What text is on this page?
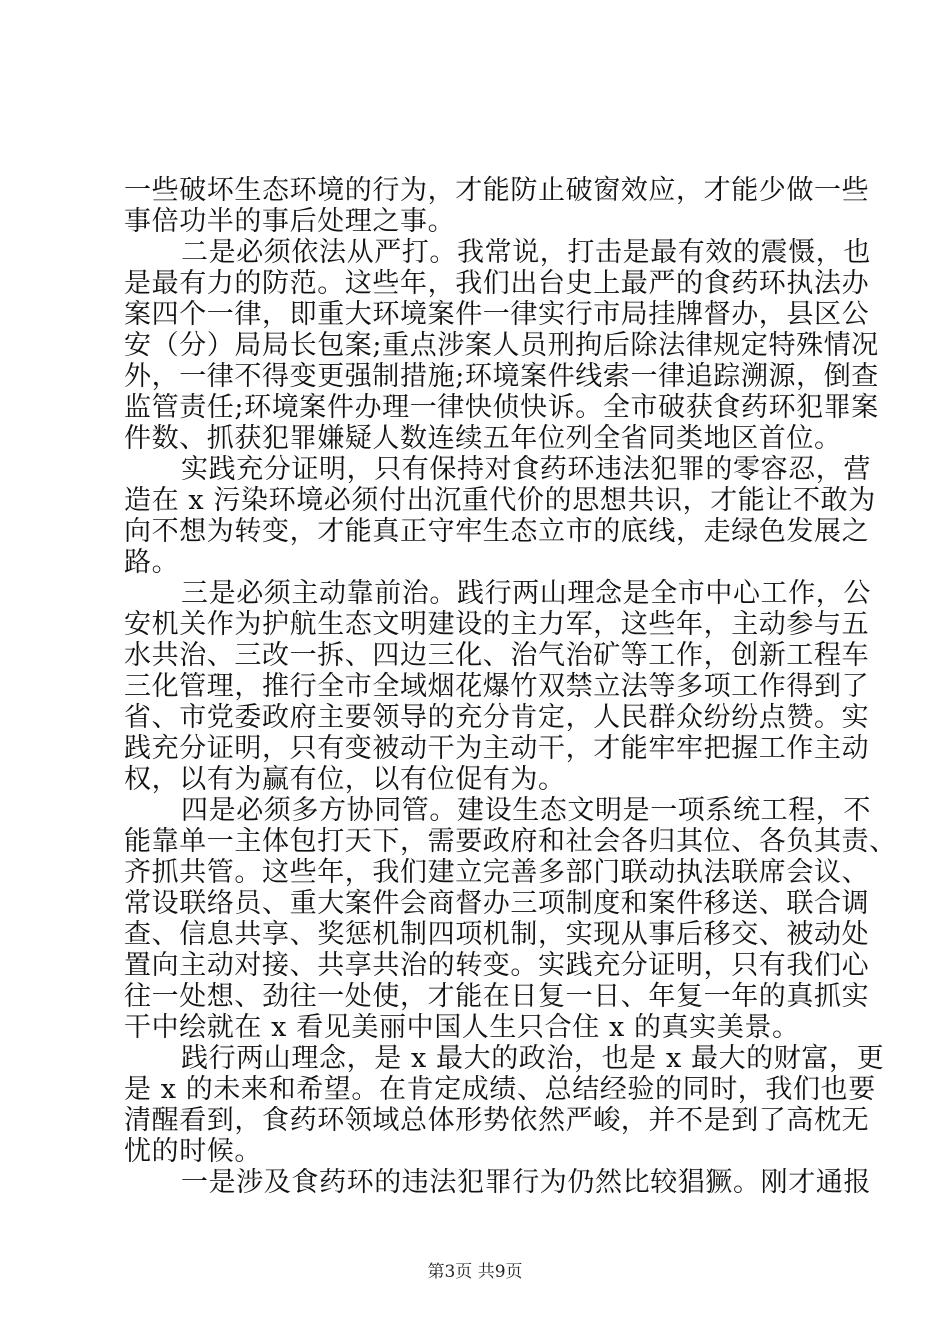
一些破坏生态环境的行为，才能防止破窗效应，才能少做一些
事倍功半的事后处理之事。
二是必须依法从严打。我常说，打击是最有效的震慑，也
是最有力的防范。这些年，我们出台史上最严的食药环执法办
案四个一律，即重大环境案件一律实行市局挂牌督办，县区公
安（分）局局长包案;重点涉案人员刑拘后除法律规定特殊情况
外，一律不得变更强制措施;环境案件线索一律追踪溯源，倒查
监管责任;环境案件办理一律快侦快诉。全市破获食药环犯罪案
件数、抓获犯罪嫌疑人数连续五年位列全省同类地区首位。
实践充分证明，只有保持对食药环违法犯罪的零容忍，营
造在 x 污染环境必须付出沉重代价的思想共识，才能让不敢为
向不想为转变，才能真正守牢生态立市的底线，走绿色发展之
路。
三是必须主动靠前治。践行两山理念是全市中心工作，公
安机关作为护航生态文明建设的主力军，这些年，主动参与五
水共治、三改一拆、四边三化、治气治矿等工作，创新工程车
三化管理，推行全市全域烟花爆竹双禁立法等多项工作得到了
省、市党委政府主要领导的充分肯定，人民群众纷纷点赞。实
践充分证明，只有变被动干为主动干，才能牢牢把握工作主动
权，以有为赢有位，以有位促有为。
四是必须多方协同管。建设生态文明是一项系统工程，不
能靠单一主体包打天下，需要政府和社会各归其位、各负其责、
齐抓共管。这些年，我们建立完善多部门联动执法联席会议、
常设联络员、重大案件会商督办三项制度和案件移送、联合调
查、信息共享、奖惩机制四项机制，实现从事后移交、被动处
置向主动对接、共享共治的转变。实践充分证明，只有我们心
往一处想、劲往一处使，才能在日复一日、年复一年的真抓实
干中绘就在 x 看见美丽中国人生只合住 x 的真实美景。
践行两山理念，是 x 最大的政治，也是 x 最大的财富，更
是 x 的未来和希望。在肯定成绩、总结经验的同时，我们也要
清醒看到，食药环领域总体形势依然严峻，并不是到了高枕无
忧的时候。
一是涉及食药环的违法犯罪行为仍然比较猖獗。刚才通报
第3页 共9页
